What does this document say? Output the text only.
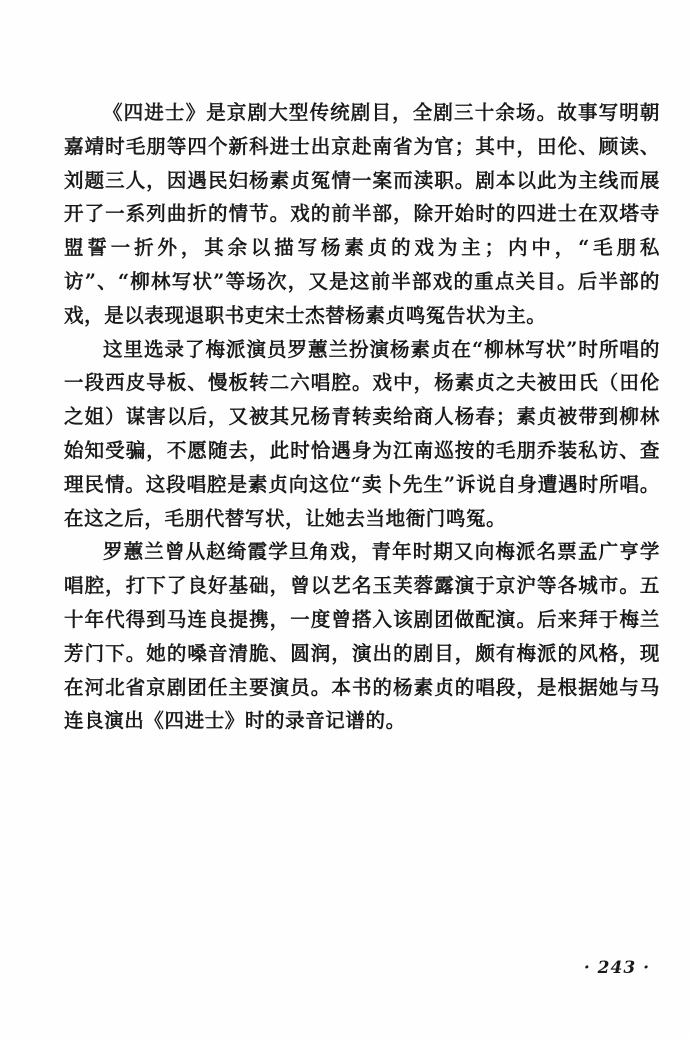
《四进士》是京剧大型传统剧目，全剧三十余场。故事写明朝嘉靖时毛朋等四个新科进士出京赴南省为官；其中，田伦、顾读、刘题三人，因遇民妇杨素贞冤情一案而渎职。剧本以此为主线而展开了一系列曲折的情节。戏的前半部，除开始时的四进士在双塔寺盟誓一折外，其余以描写杨素贞的戏为主；内中，“毛朋私访”、“柳林写状”等场次，又是这前半部戏的重点关目。后半部的戏，是以表现退职书吏宋士杰替杨素贞鸣冤告状为主。

这里选录了梅派演员罗蕙兰扮演杨素贞在“柳林写状”时所唱的一段西皮导板、慢板转二六唱腔。戏中，杨素贞之夫被田氏（田伦之姐）谋害以后，又被其兄杨青转卖给商人杨春；素贞被带到柳林始知受骗，不愿随去，此时恰遇身为江南巡按的毛朋乔装私访、查理民情。这段唱腔是素贞向这位“卖卜先生”诉说自身遭遇时所唱。在这之后，毛朋代替写状，让她去当地衙门鸣冤。

罗蕙兰曾从赵绮霞学旦角戏，青年时期又向梅派名票孟广亨学唱腔，打下了良好基础，曾以艺名玉芙蓉露演于京沪等各城市。五十年代得到马连良提携，一度曾搭入该剧团做配演。后来拜于梅兰芳门下。她的嗓音清脆、圆润，演出的剧目，颇有梅派的风格，现在河北省京剧团任主要演员。本书的杨素贞的唱段，是根据她与马连良演出《四进士》时的录音记谱的。

· 243 ·
